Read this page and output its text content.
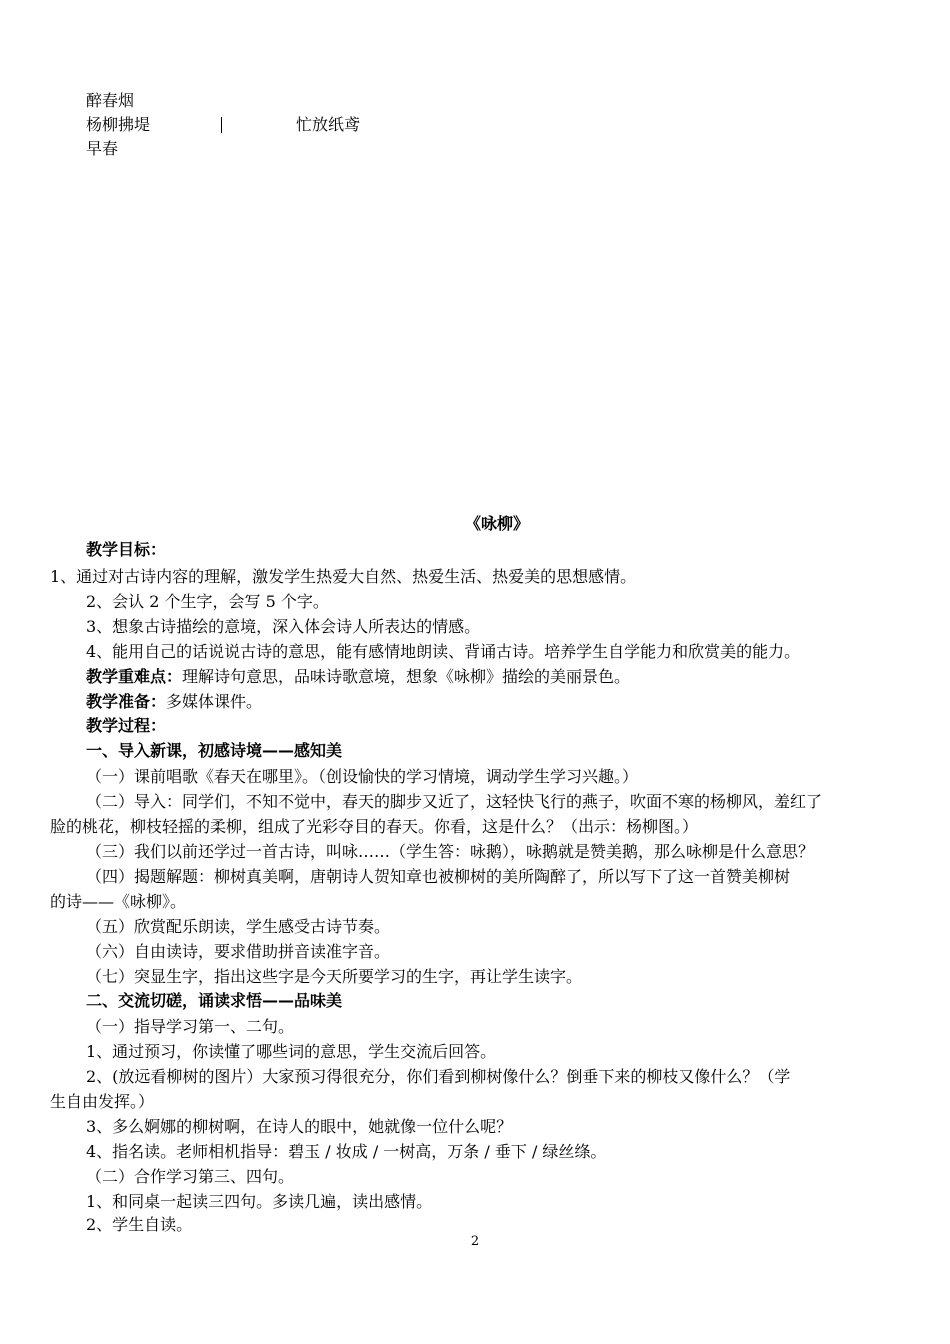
醉春烟
杨柳拂堤	忙放纸鸢
早春
《咏柳》
教学目标：
1、通过对古诗内容的理解，激发学生热爱大自然、热爱生活、热爱美的思想感情。
2、会认 2 个生字，会写 5 个字。
3、想象古诗描绘的意境，深入体会诗人所表达的情感。
4、能用自己的话说说古诗的意思，能有感情地朗读、背诵古诗。培养学生自学能力和欣赏美的能力。
教学重难点：理解诗句意思，品味诗歌意境，想象《咏柳》描绘的美丽景色。
教学准备：多媒体课件。
教学过程：
一、导入新课，初感诗境——感知美
（一）课前唱歌《春天在哪里》。（创设愉快的学习情境，调动学生学习兴趣。）
（二）导入：同学们，不知不觉中，春天的脚步又近了，这轻快飞行的燕子，吹面不寒的杨柳风，羞红了
脸的桃花，柳枝轻摇的柔柳，组成了光彩夺目的春天。你看，这是什么？（出示：杨柳图。）
（三）我们以前还学过一首古诗，叫咏……（学生答：咏鹅），咏鹅就是赞美鹅，那么咏柳是什么意思？
（四）揭题解题：柳树真美啊，唐朝诗人贺知章也被柳树的美所陶醉了，所以写下了这一首赞美柳树
的诗——《咏柳》。
（五）欣赏配乐朗读，学生感受古诗节奏。
（六）自由读诗，要求借助拼音读准字音。
（七）突显生字，指出这些字是今天所要学习的生字，再让学生读字。
二、交流切磋，诵读求悟——品味美
（一）指导学习第一、二句。
1、通过预习，你读懂了哪些词的意思，学生交流后回答。
2、(放远看柳树的图片）大家预习得很充分，你们看到柳树像什么？倒垂下来的柳枝又像什么？（学
生自由发挥。）
3、多么婀娜的柳树啊，在诗人的眼中，她就像一位什么呢？
4、指名读。老师相机指导：碧玉 / 妆成 / 一树高，万条 / 垂下 / 绿丝绦。
（二）合作学习第三、四句。
1、和同桌一起读三四句。多读几遍，读出感情。
2、学生自读。
2
